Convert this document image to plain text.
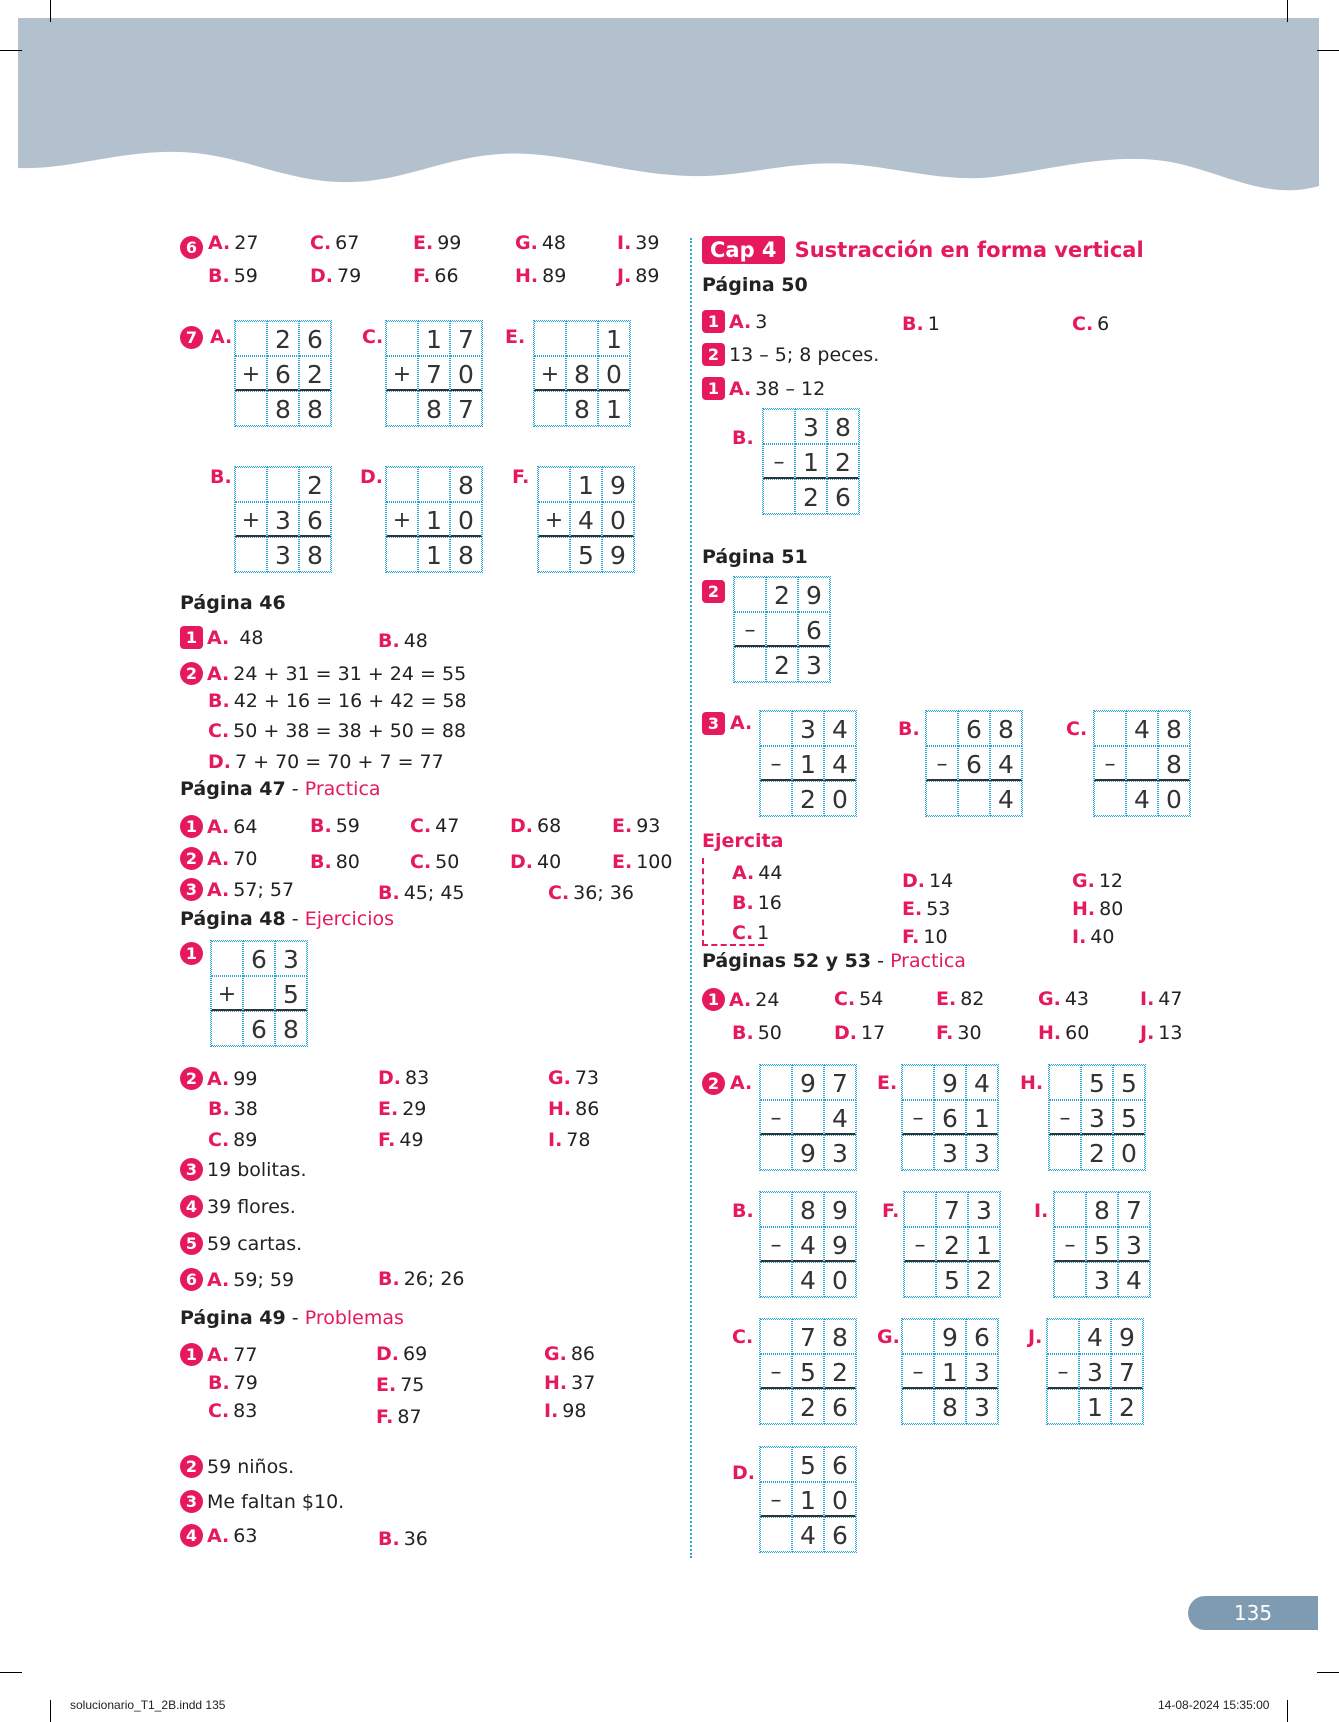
6 A. 27	C. 67	E. 99	G. 48	I. 39
B. 59	D. 79	F. 66	H. 89	J. 89
7 A.	2 6
+ 6 2
8 8
C.	1 7
+ 7 0
8 7
E.	1
+ 8 0
8 1
B.	2
+ 3 6
3 8
D.	8
+ 1 0
1 8
F.	1 9
+ 4 0
5 9
Página 46
1 A. 48	B. 48
2 A. 24 + 31 = 31 + 24 = 55
B. 42 + 16 = 16 + 42 = 58
C. 50 + 38 = 38 + 50 = 88
D. 7 + 70 = 70 + 7 = 77
Página 47 - Practica
1 A. 64	B. 59	C. 47	D. 68	E. 93
2 A. 70	B. 80	C. 50	D. 40	E. 100
3 A. 57; 57	B. 45; 45	C. 36; 36
Página 48 - Ejercicios
1	6 3
+	5
6 8
2 A. 99	D. 83	G. 73
B. 38	E. 29	H. 86
C. 89	F. 49	I. 78
3 19 bolitas.
4 39 flores.
5 59 cartas.
6 A. 59; 59	B. 26; 26
Página 49 - Problemas
1 A. 77	D. 69	G. 86
B. 79	E. 75	H. 37
C. 83	F. 87	I. 98
2 59 niños.
3 Me faltan $10.
4 A. 63	B. 36
Cap 4 Sustracción en forma vertical
Página 50
1 A. 3	B. 1	C. 6
2 13 – 5; 8 peces.
1 A. 38 – 12
B.	3 8
– 1 2
2 6
Página 51
2	2 9
–	6
2 3
3 A.	3 4
– 1 4
2 0
B.	6 8
– 6 4
4
C.	4 8
–	8
4 0
Ejercita
A. 44
B. 16
C. 1
D. 14
E. 53
F. 10
G. 12
H. 80
I. 40
Páginas 52 y 53 - Practica
1 A. 24	C. 54	E. 82	G. 43	I. 47
B. 50	D. 17	F. 30	H. 60	J. 13
2 A.	9 7
–	4
9 3
E.	9 4
– 6 1
3 3
H.	5 5
– 3 5
2 0
B.	8 9
– 4 9
4 0
F.	7 3
– 2 1
5 2
I.	8 7
– 5 3
3 4
C.	7 8
– 5 2
2 6
G.	9 6
– 1 3
8 3
J.	4 9
– 3 7
1 2
D.	5 6
– 1 0
4 6
135
solucionario_T1_2B.indd 135	14-08-2024 15:35:00
